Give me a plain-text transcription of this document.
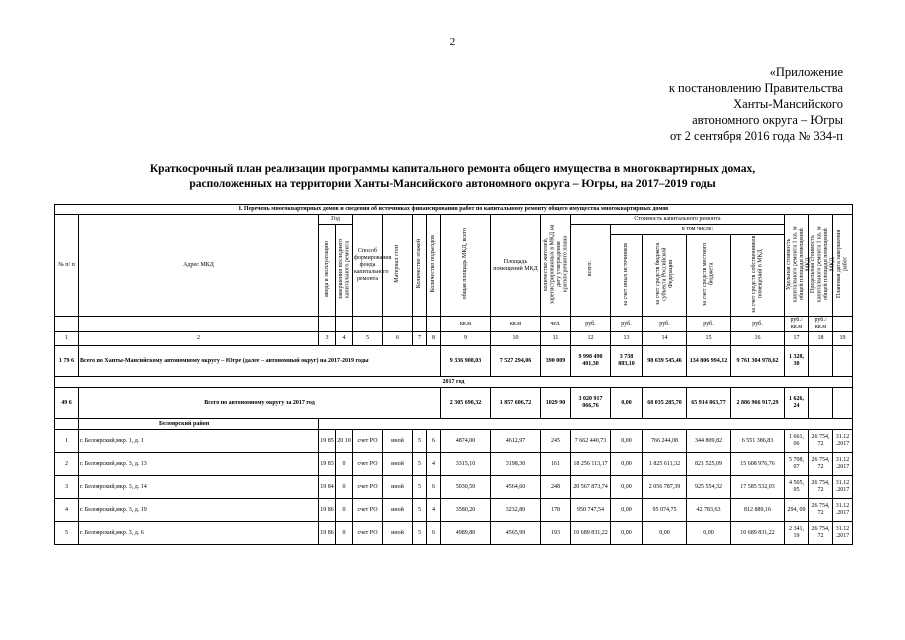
2
«Приложение
к постановлению Правительства
Ханты-Мансийского
автономного округа – Югры
от 2 сентября 2016 года № 334-п
Краткосрочный план реализации программы капитального ремонта общего имущества в многоквартирных домах,
расположенных на территории Ханты-Мансийского автономного округа – Югры, на 2017–2019 годы
I. Перечень многоквартирных домов и сведения об источниках финансирования работ по капитальному ремонту общего имущества многоквартирных домов																		
№ п/ п	Адрес МКД	Год		Способ формирования фонда капитального ремонта	Материал стен	Количество этажей	Количество подъездов	общая площадь МКД, всего	Площадь помещений МКД	количество жителей, зарегистрированных в МКД на дату утверждения краткосрочного плана	Стоимость капитального ремонта					Удельная стоимость капитального ремонта 1 кв. м общей площади помещений МКД	Предельная стоимость капитального ремонта 1 кв. м общей площади помещений МКД	Плановая дата завершения работ
		ввода в эксплуатацию	завершения последнего капитального ремонта								всего:	в том числе:						
												за счет иных источников	за счет средств бюджета субъекта Российской Федерации	за счет средств местного бюджета	за счет средств собственников помещений в МКД			
								кв.м	кв.м	чел.	руб.	руб.	руб.	руб.	руб.	руб./ кв.м	руб./ кв.м	
1	2	3	4	5	6	7	8	9	10	11	12	13	14	15	16	17	18	19
1 79 6	Всего по Ханты-Мансийскому автономному округу – Югре (далее – автономный округ) на 2017-2019 годы							9 336 908,03	7 527 294,06	390 009	9 998 490 401,30	3 738 883,10	98 639 545,46	134 806 994,12	9 761 304 978,62	1 328, 30		
2017 год																		
49 6	Всего по автономному округу за 2017 год							2 305 690,32	1 857 606,72	1029 90	3 020 917 066,76	0,00	68 035 285,70	65 914 863,77	2 886 966 917,29	1 626, 24		
	Белоярский район																	
1	г. Белоярский,мкр. 1, д. 1	19 85	20 10	счет РО	иной	5	6	4874,00	4612,97	245	7 662 440,73	0,00	766 244,08	344 809,82	6 551 386,83	1 661, 06	26 754, 72	31.12 .2017
2	г. Белоярский,мкр. 3, д. 13	19 83	0	счет РО	иной	5	4	3315,10	3198,30	161	18 256 113,17	0,00	1 825 611,32	821 525,09	15 608 976,76	5 708, 07	26 754, 72	31.12 .2017
3	г. Белоярский,мкр. 3, д. 14	19 84	0	счет РО	иной	5	6	5030,50	4564,60	248	20 567 873,74	0,00	2 056 787,39	925 554,32	17 585 532,03	4 505, 95	26 754, 72	31.12 .2017
4	г. Белоярский,мкр. 3, д. 19	19 86	0	счет РО	иной	5	4	3580,20	3232,80	178	950 747,54	0,00	95 074,75	42 783,63	812 889,16	294, 09	26 754, 72	31.12 .2017
5	г. Белоярский,мкр. 3, д. 6	19 86	0	счет РО	иной	5	6	4989,80	4565,99	193	10 689 831,22	0,00	0,00	0,00	10 689 831,22	2 341, 19	26 754, 72	31.12 .2017
